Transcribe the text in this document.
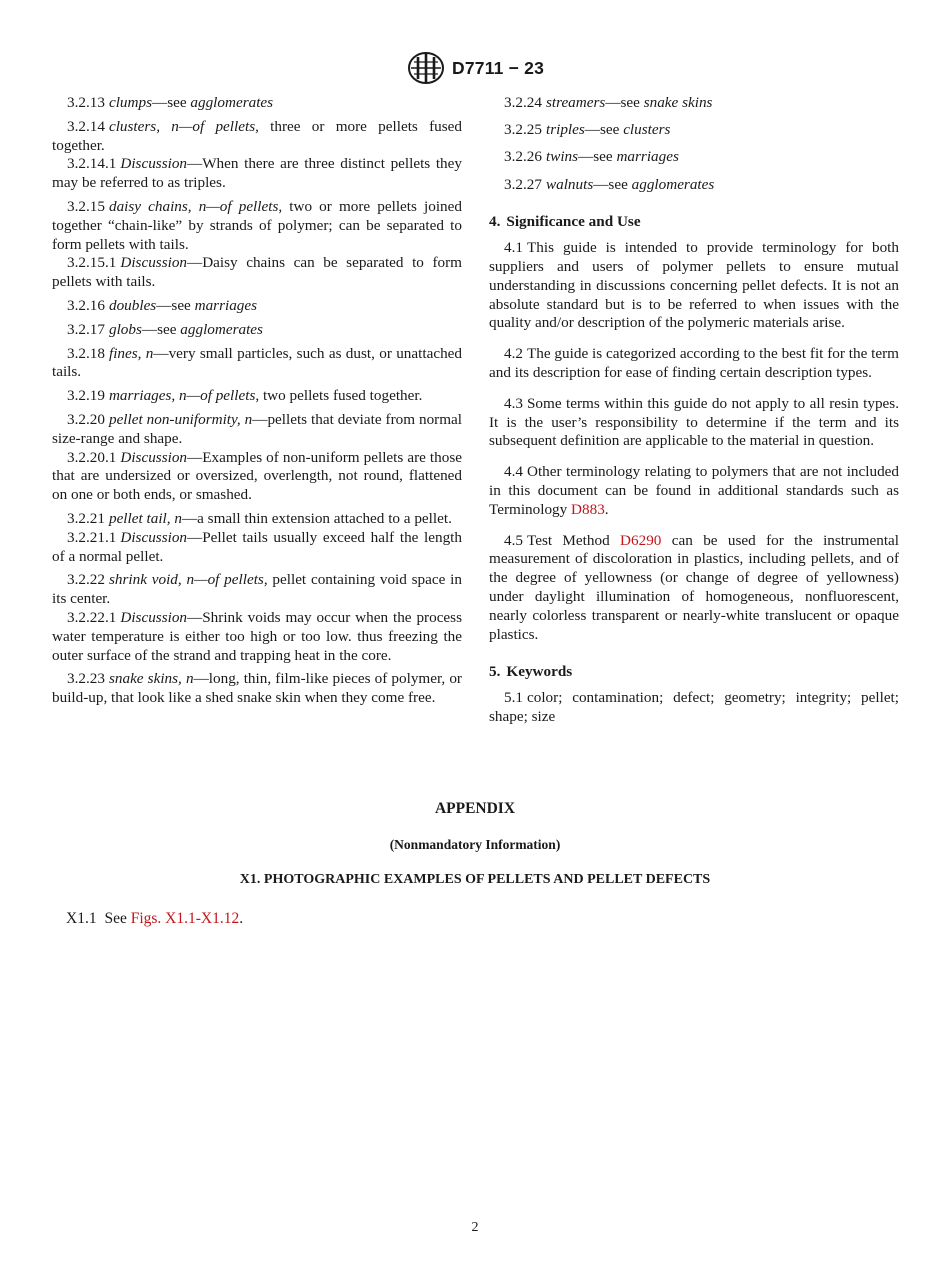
D7711 − 23

3.2.13 clumps—see agglomerates

3.2.14 clusters, n—of pellets, three or more pellets fused together.

3.2.14.1 Discussion—When there are three distinct pellets they may be referred to as triples.

3.2.15 daisy chains, n—of pellets, two or more pellets joined together “chain-like” by strands of polymer; can be separated to form pellets with tails.

3.2.15.1 Discussion—Daisy chains can be separated to form pellets with tails.

3.2.16 doubles—see marriages

3.2.17 globs—see agglomerates

3.2.18 fines, n—very small particles, such as dust, or unattached tails.

3.2.19 marriages, n—of pellets, two pellets fused together.

3.2.20 pellet non-uniformity, n—pellets that deviate from normal size-range and shape.

3.2.20.1 Discussion—Examples of non-uniform pellets are those that are undersized or oversized, overlength, not round, flattened on one or both ends, or smashed.

3.2.21 pellet tail, n—a small thin extension attached to a pellet.

3.2.21.1 Discussion—Pellet tails usually exceed half the length of a normal pellet.

3.2.22 shrink void, n—of pellets, pellet containing void space in its center.

3.2.22.1 Discussion—Shrink voids may occur when the process water temperature is either too high or too low. thus freezing the outer surface of the strand and trapping heat in the core.

3.2.23 snake skins, n—long, thin, film-like pieces of polymer, or build-up, that look like a shed snake skin when they come free.

3.2.24 streamers—see snake skins

3.2.25 triples—see clusters

3.2.26 twins—see marriages

3.2.27 walnuts—see agglomerates

4. Significance and Use

4.1 This guide is intended to provide terminology for both suppliers and users of polymer pellets to ensure mutual understanding in discussions concerning pellet defects. It is not an absolute standard but is to be referred to when issues with the quality and/or description of the polymeric materials arise.

4.2 The guide is categorized according to the best fit for the term and its description for ease of finding certain description types.

4.3 Some terms within this guide do not apply to all resin types. It is the user’s responsibility to determine if the term and its subsequent definition are applicable to the material in question.

4.4 Other terminology relating to polymers that are not included in this document can be found in additional standards such as Terminology D883.

4.5 Test Method D6290 can be used for the instrumental measurement of discoloration in plastics, including pellets, and of the degree of yellowness (or change of degree of yellowness) under daylight illumination of homogeneous, nonfluorescent, nearly colorless transparent or nearly-white translucent or opaque plastics.

5. Keywords

5.1 color; contamination; defect; geometry; integrity; pellet; shape; size

APPENDIX
(Nonmandatory Information)
X1. PHOTOGRAPHIC EXAMPLES OF PELLETS AND PELLET DEFECTS
X1.1 See Figs. X1.1-X1.12.
2
